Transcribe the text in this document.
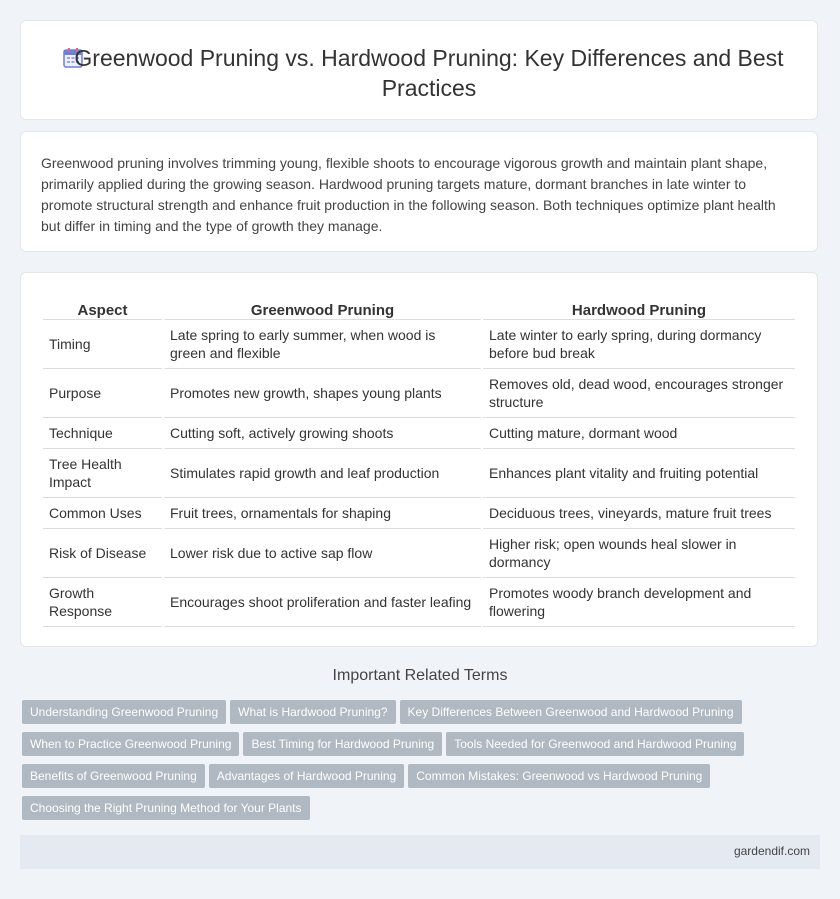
Greenwood Pruning vs. Hardwood Pruning: Key Differences and Best Practices

Greenwood pruning involves trimming young, flexible shoots to encourage vigorous growth and maintain plant shape, primarily applied during the growing season. Hardwood pruning targets mature, dormant branches in late winter to promote structural strength and enhance fruit production in the following season. Both techniques optimize plant health but differ in timing and the type of growth they manage.

Aspect	Greenwood Pruning	Hardwood Pruning
Timing	Late spring to early summer, when wood is green and flexible	Late winter to early spring, during dormancy before bud break
Purpose	Promotes new growth, shapes young plants	Removes old, dead wood, encourages stronger structure
Technique	Cutting soft, actively growing shoots	Cutting mature, dormant wood
Tree Health Impact	Stimulates rapid growth and leaf production	Enhances plant vitality and fruiting potential
Common Uses	Fruit trees, ornamentals for shaping	Deciduous trees, vineyards, mature fruit trees
Risk of Disease	Lower risk due to active sap flow	Higher risk; open wounds heal slower in dormancy
Growth Response	Encourages shoot proliferation and faster leafing	Promotes woody branch development and flowering
Important Related Terms
Understanding Greenwood Pruning What is Hardwood Pruning? Key Differences Between Greenwood and Hardwood Pruning
When to Practice Greenwood Pruning Best Timing for Hardwood Pruning Tools Needed for Greenwood and Hardwood Pruning
Benefits of Greenwood Pruning Advantages of Hardwood Pruning Common Mistakes: Greenwood vs Hardwood Pruning
Choosing the Right Pruning Method for Your Plants
gardendif.com
